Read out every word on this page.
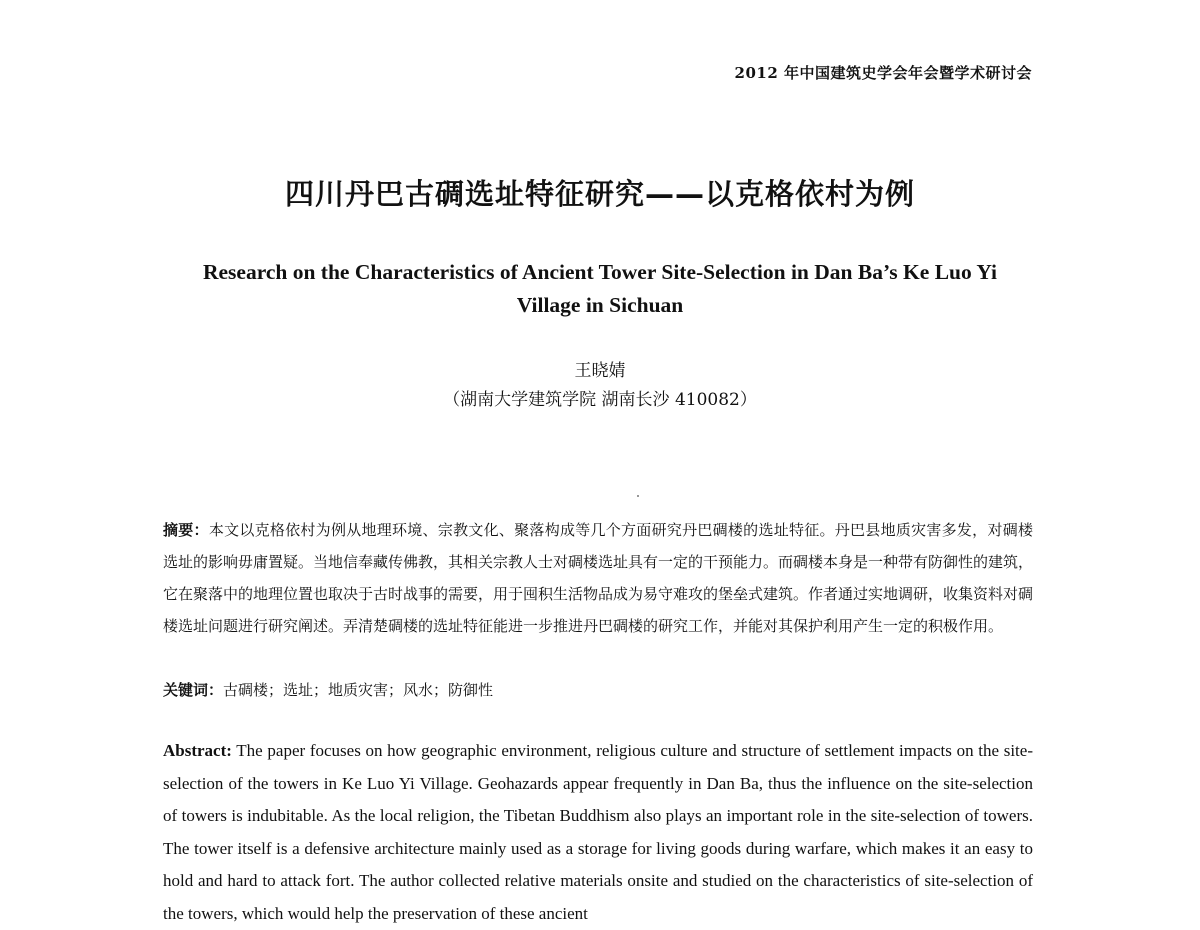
2012 年中国建筑史学会年会暨学术研讨会
四川丹巴古碉选址特征研究——以克格依村为例
Research on the Characteristics of Ancient Tower Site-Selection in Dan Ba’s Ke Luo Yi Village in Sichuan
王晓婧
（湖南大学建筑学院 湖南长沙 410082）

摘要：本文以克格依村为例从地理环境、宗教文化、聚落构成等几个方面研究丹巴碉楼的选址特征。丹巴县地质灾害多发，对碉楼选址的影响毋庸置疑。当地信奉藏传佛教，其相关宗教人士对碉楼选址具有一定的干预能力。而碉楼本身是一种带有防御性的建筑，它在聚落中的地理位置也取决于古时战事的需要，用于囤积生活物品成为易守难攻的堡垒式建筑。作者通过实地调研，收集资料对碉楼选址问题进行研究阐述。弄清楚碉楼的选址特征能进一步推进丹巴碉楼的研究工作，并能对其保护利用产生一定的积极作用。

关键词：古碉楼；选址；地质灾害；风水；防御性

Abstract: The paper focuses on how geographic environment, religious culture and structure of settlement impacts on the site-selection of the towers in Ke Luo Yi Village. Geohazards appear frequently in Dan Ba, thus the influence on the site-selection of towers is indubitable. As the local religion, the Tibetan Buddhism also plays an important role in the site-selection of towers. The tower itself is a defensive architecture mainly used as a storage for living goods during warfare, which makes it an easy to hold and hard to attack fort. The author collected relative materials onsite and studied on the characteristics of site-selection of the towers, which would help the preservation of these ancient
